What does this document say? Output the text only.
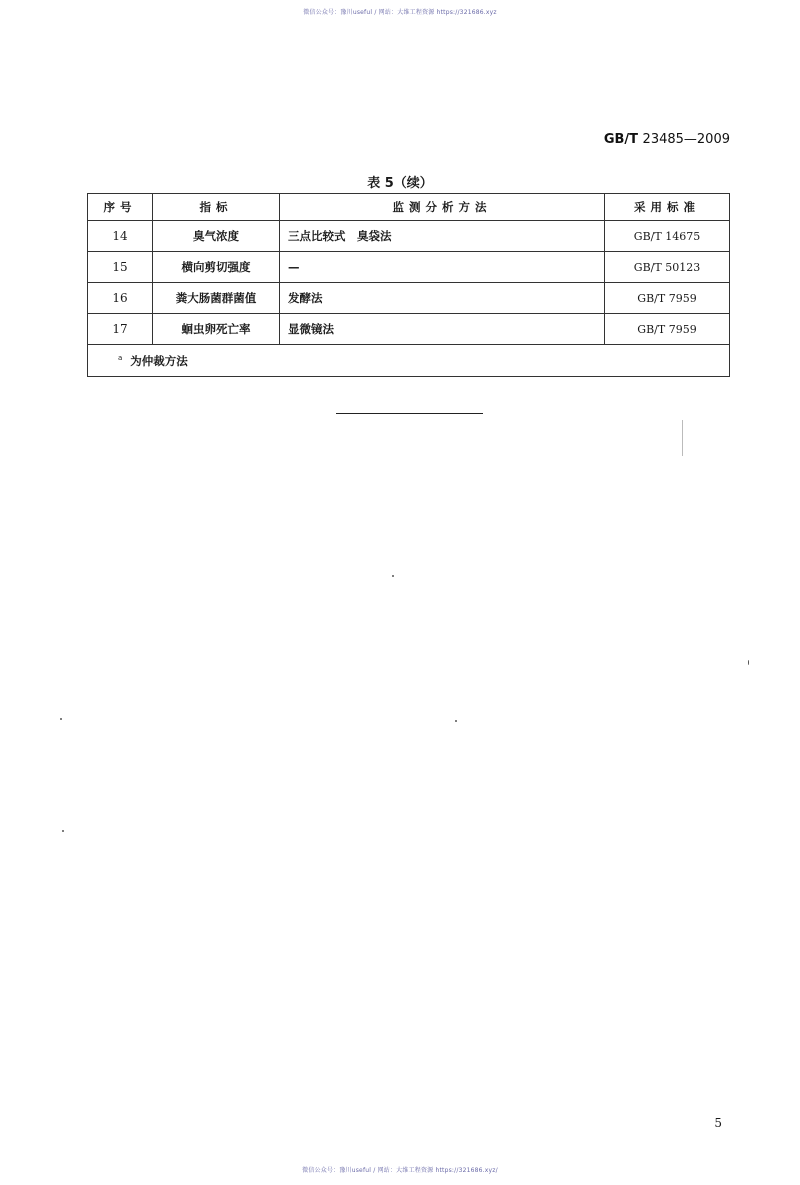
微信公众号：豫川useful / 网站：大维工程资源 https://321686.xyz
GB/T 23485—2009
表 5（续）
序号	指标	监测分析方法	采用标准
14	臭气浓度	三点比较式　臭袋法	GB/T 14675
15	横向剪切强度	—	GB/T 50123
16	粪大肠菌群菌值	发酵法	GB/T 7959
17	蛔虫卵死亡率	显微镜法	GB/T 7959
$^a$ 为仲裁方法			
5
微信公众号：豫川useful / 网站：大维工程资源 https://321686.xyz/
